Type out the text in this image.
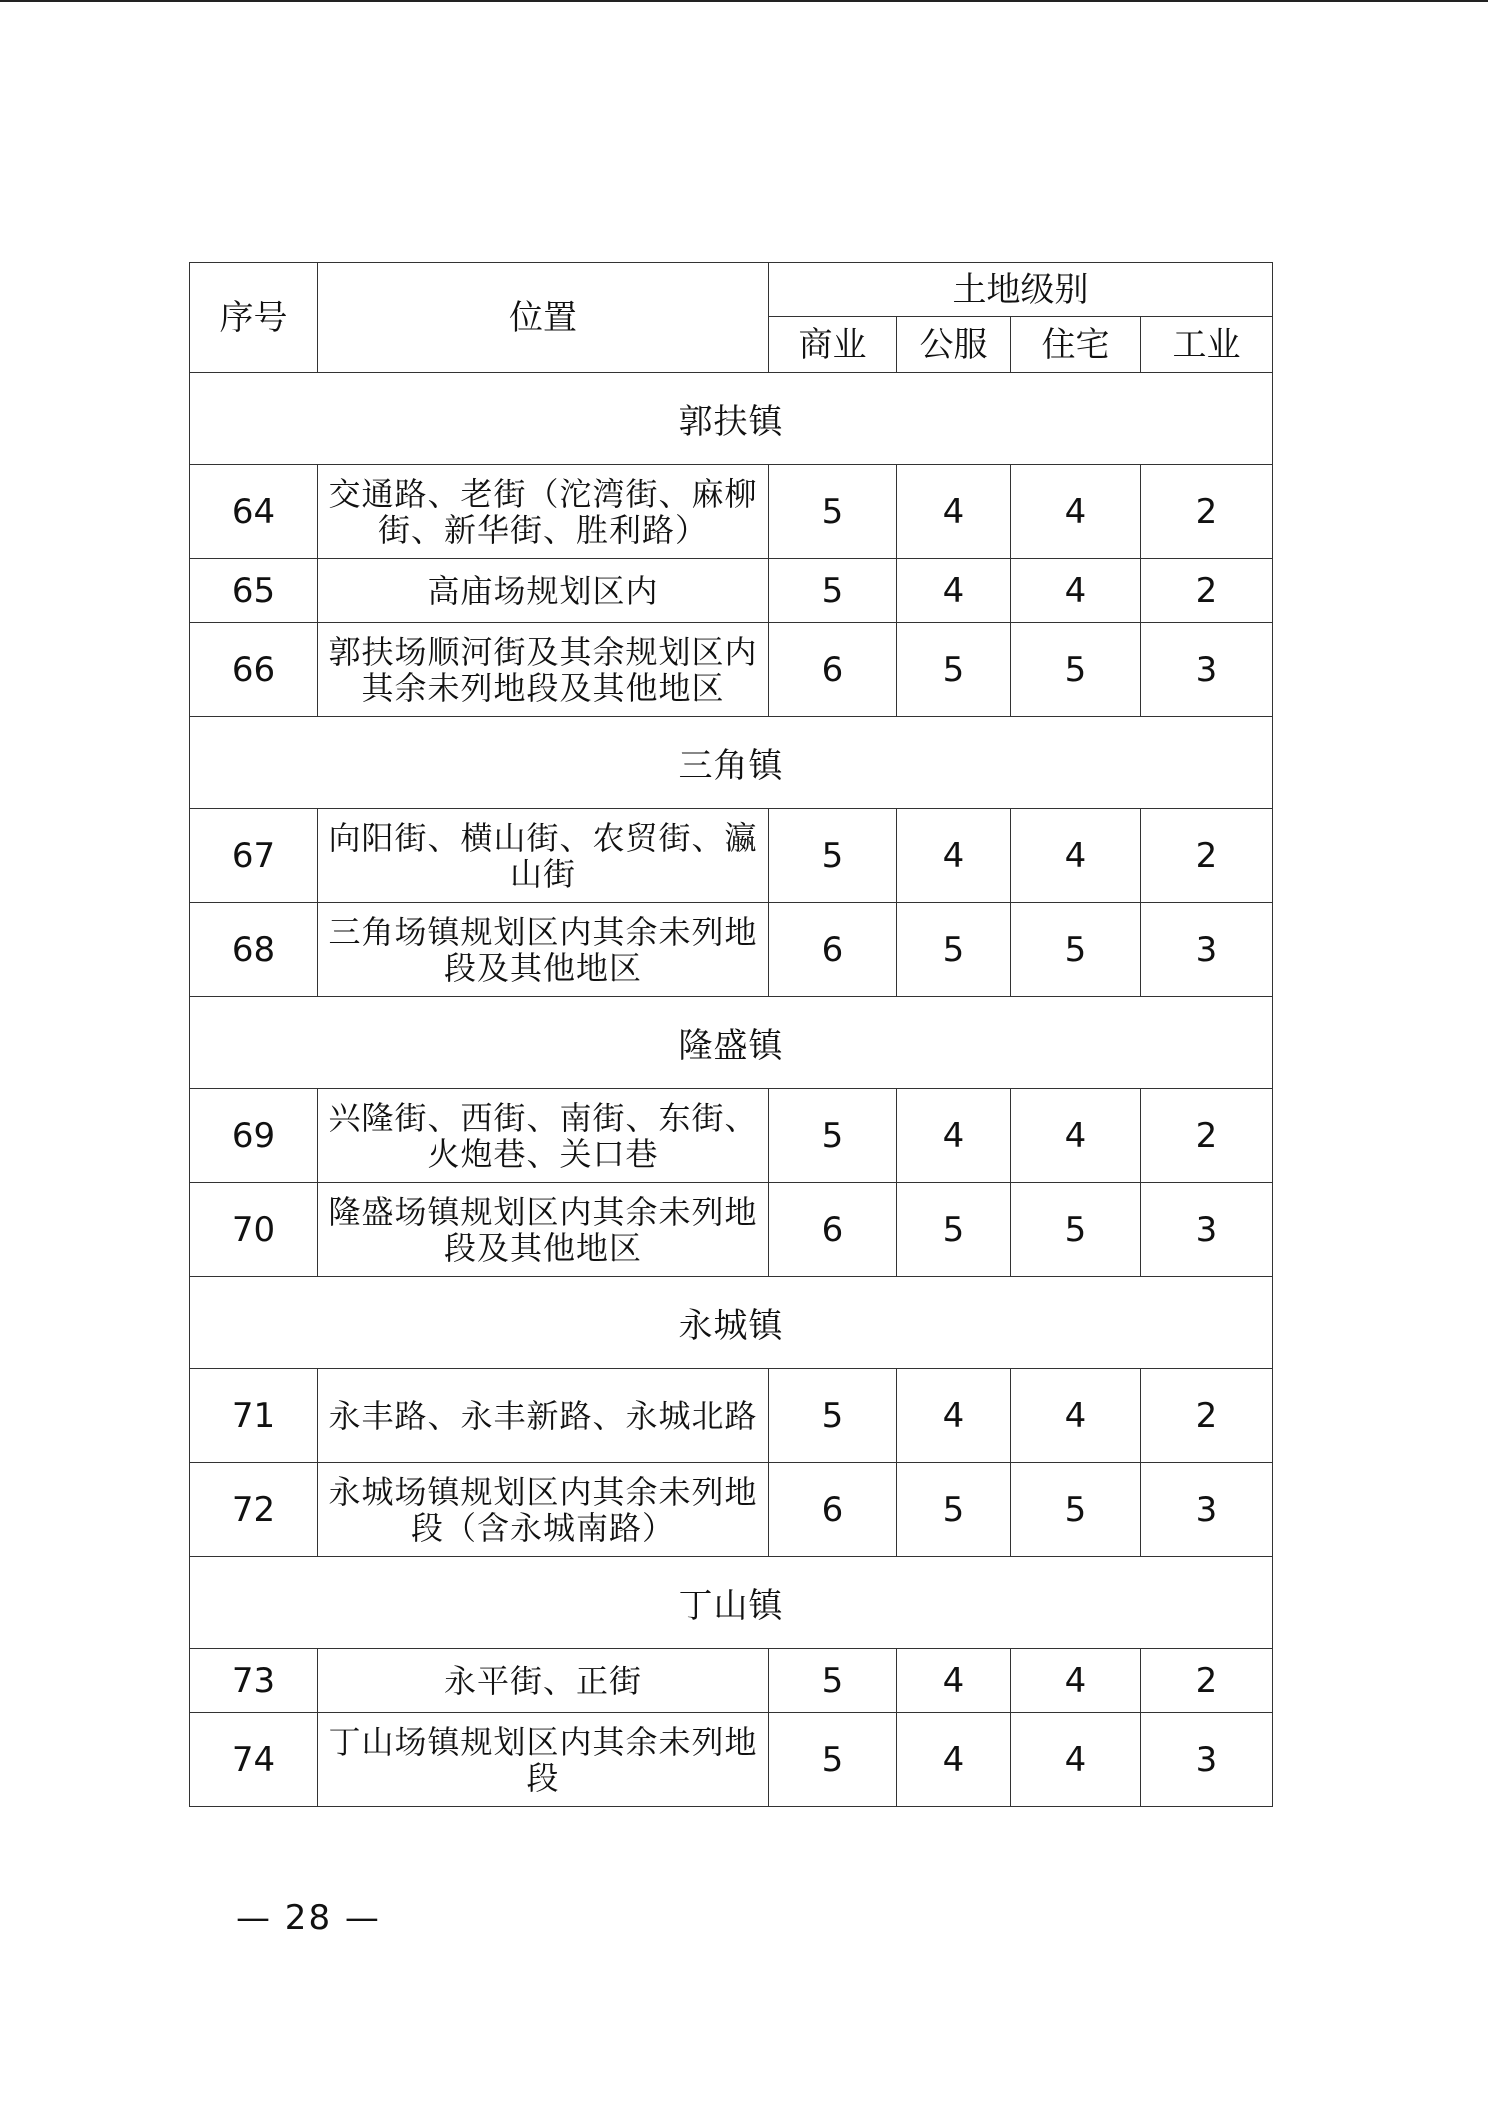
序号	位置	土地级别			
		商业	公服	住宅	工业
郭扶镇					
64	交通路、老街（沱湾街、麻柳街、新华街、胜利路）	5	4	4	2
65	高庙场规划区内	5	4	4	2
66	郭扶场顺河街及其余规划区内其余未列地段及其他地区	6	5	5	3
三角镇					
67	向阳街、横山街、农贸街、瀛山街	5	4	4	2
68	三角场镇规划区内其余未列地段及其他地区	6	5	5	3
隆盛镇					
69	兴隆街、西街、南街、东街、火炮巷、关口巷	5	4	4	2
70	隆盛场镇规划区内其余未列地段及其他地区	6	5	5	3
永城镇					
71	永丰路、永丰新路、永城北路	5	4	4	2
72	永城场镇规划区内其余未列地段（含永城南路）	6	5	5	3
丁山镇					
73	永平街、正街	5	4	4	2
74	丁山场镇规划区内其余未列地段	5	4	4	3
— 28 —
